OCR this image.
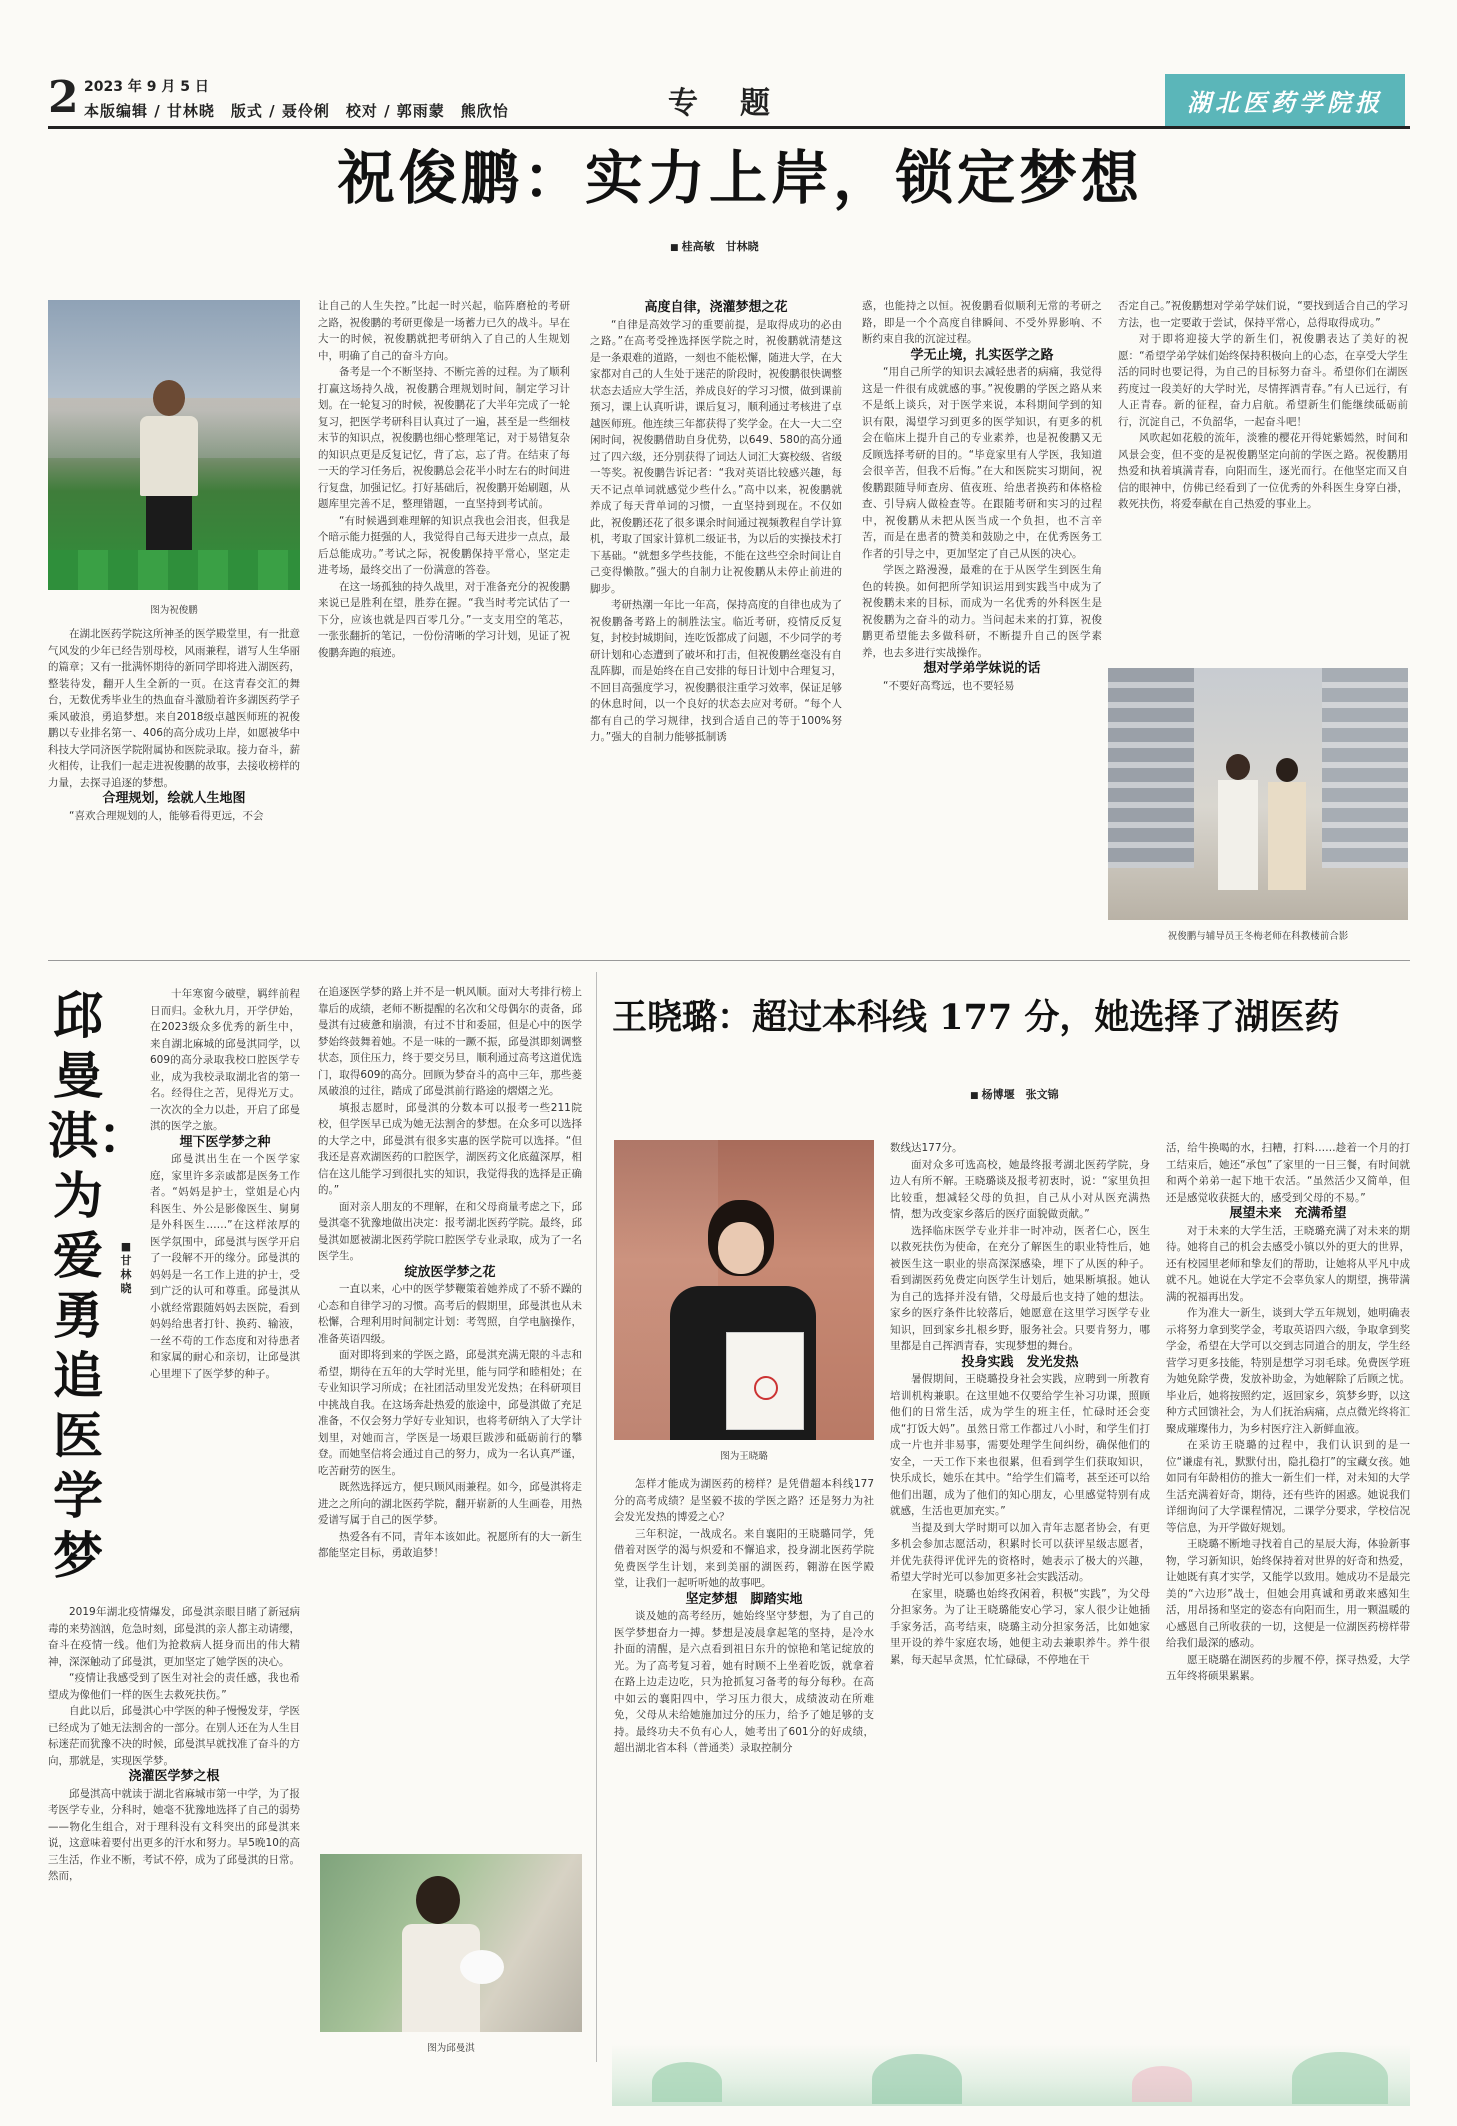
2 2023 年 9 月 5 日
本版编辑 / 甘林晓　版式 / 聂伶俐　校对 / 郭雨蒙　熊欣怡	专　题	湖北医药学院报
祝俊鹏：实力上岸，锁定梦想
■ 桂高敏　甘林晓
图为祝俊鹏

在湖北医药学院这所神圣的医学殿堂里，有一批意气风发的少年已经告别母校，风雨兼程，谱写人生华丽的篇章；又有一批满怀期待的新同学即将进入湖医药，整装待发，翻开人生全新的一页。在这青春交汇的舞台，无数优秀毕业生的热血奋斗激励着许多湖医药学子乘风破浪，勇追梦想。来自2018级卓越医师班的祝俊鹏以专业排名第一、406的高分成功上岸，如愿被华中科技大学同济医学院附属协和医院录取。接力奋斗，薪火相传，让我们一起走进祝俊鹏的故事，去接收榜样的力量，去探寻追逐的梦想。

合理规划，绘就人生地图

“喜欢合理规划的人，能够看得更远，不会

让自己的人生失控。”比起一时兴起，临阵磨枪的考研之路，祝俊鹏的考研更像是一场蓄力已久的战斗。早在大一的时候，祝俊鹏就把考研纳入了自己的人生规划中，明确了自己的奋斗方向。

备考是一个不断坚持、不断完善的过程。为了顺利打赢这场持久战，祝俊鹏合理规划时间，制定学习计划。在一轮复习的时候，祝俊鹏花了大半年完成了一轮复习，把医学考研科目认真过了一遍，甚至是一些细枝末节的知识点，祝俊鹏也细心整理笔记，对于易错复杂的知识点更是反复记忆，背了忘，忘了背。在结束了每一天的学习任务后，祝俊鹏总会花半小时左右的时间进行复盘，加强记忆。打好基础后，祝俊鹏开始刷题，从题库里完善不足，整理错题，一直坚持到考试前。

“有时候遇到难理解的知识点我也会泪丧，但我是个暗示能力挺强的人，我觉得自己每天进步一点点，最后总能成功。”考试之际，祝俊鹏保持平常心，坚定走进考场，最终交出了一份满意的答卷。

在这一场孤独的持久战里，对于准备充分的祝俊鹏来说已是胜利在望，胜券在握。“我当时考完试估了一下分，应该也就是四百零几分。”一支支用空的笔芯，一张张翻折的笔记，一份份清晰的学习计划，见证了祝俊鹏奔跑的痕迹。

高度自律，浇灌梦想之花

“自律是高效学习的重要前提，是取得成功的必由之路。”在高考受挫选择医学院之时，祝俊鹏就清楚这是一条艰难的道路，一刻也不能松懈，随进大学，在大家都对自己的人生处于迷茫的阶段时，祝俊鹏很快调整状态去适应大学生活，养成良好的学习习惯，做到课前预习，课上认真听讲，课后复习，顺利通过考核进了卓越医师班。他连续三年都获得了奖学金。在大一大二空闲时间，祝俊鹏借助自身优势，以649、580的高分通过了四六级，还分别获得了词达人词汇大赛校级、省级一等奖。祝俊鹏告诉记者：“我对英语比较感兴趣，每天不记点单词就感觉少些什么。”高中以来，祝俊鹏就养成了每天背单词的习惯，一直坚持到现在。不仅如此，祝俊鹏还花了很多课余时间通过视频教程自学计算机，考取了国家计算机二级证书，为以后的实操技术打下基础。“就想多学些技能，不能在这些空余时间让自己变得懒散。”强大的自制力让祝俊鹏从未停止前进的脚步。

考研热潮一年比一年高，保持高度的自律也成为了祝俊鹏备考路上的制胜法宝。临近考研，疫情反反复复，封校封城期间，连吃饭都成了问题，不少同学的考研计划和心态遭到了破坏和打击，但祝俊鹏丝毫没有自乱阵脚，而是始终在自己安排的每日计划中合理复习，不回目高强度学习，祝俊鹏很注重学习效率，保证足够的休息时间，以一个良好的状态去应对考研。“每个人都有自己的学习规律，找到合适自己的等于100%努力。”强大的自制力能够抵制诱

惑，也能持之以恒。祝俊鹏看似顺利无常的考研之路，即是一个个高度自律瞬间、不受外界影响、不断约束自我的沉淀过程。

学无止境，扎实医学之路

“用自己所学的知识去减轻患者的病痛，我觉得这是一件很有成就感的事。”祝俊鹏的学医之路从来不是纸上谈兵，对于医学来说，本科期间学到的知识有限，渴望学习到更多的医学知识，有更多的机会在临床上提升自己的专业素养，也是祝俊鹏又无反顾选择考研的目的。“毕竟家里有人学医，我知道会很辛苦，但我不后悔。”在大和医院实习期间，祝俊鹏跟随导师查房、值夜班、给患者换药和体格检查、引导病人做检查等。在跟随考研和实习的过程中，祝俊鹏从未把从医当成一个负担，也不言辛苦，而是在患者的赞美和鼓励之中，在优秀医务工作者的引导之中，更加坚定了自己从医的决心。

学医之路漫漫，最难的在于从医学生到医生角色的转换。如何把所学知识运用到实践当中成为了祝俊鹏未来的目标，而成为一名优秀的外科医生是祝俊鹏为之奋斗的动力。当问起未来的打算，祝俊鹏更希望能去多做科研，不断提升自己的医学素养，也去多进行实战操作。

想对学弟学妹说的话

“不要好高骛远，也不要轻易

否定自己。”祝俊鹏想对学弟学妹们说，“要找到适合自己的学习方法，也一定要敢于尝试，保持平常心，总得取得成功。”

对于即将迎接大学的新生们，祝俊鹏表达了美好的祝愿：“希望学弟学妹们始终保持积极向上的心态，在享受大学生活的同时也要记得，为自己的目标努力奋斗。希望你们在湖医药度过一段美好的大学时光，尽情挥洒青春。”有人已远行，有人正青春。新的征程，奋力启航。希望新生们能继续砥砺前行，沉淀自己，不负韶华，一起奋斗吧！

风吹起如花般的流年，淡雅的樱花开得姹紫嫣然，时间和风景会变，但不变的是祝俊鹏坚定向前的学医之路。祝俊鹏用热爱和执着填满青春，向阳而生，逐光而行。在他坚定而又自信的眼神中，仿佛已经看到了一位优秀的外科医生身穿白褂，救死扶伤，将爱奉献在自己热爱的事业上。

祝俊鹏与辅导员王冬梅老师在科教楼前合影
邱曼淇：为爱勇追医学梦
■
甘林晓

十年寒窗今破壁，羁绊前程日而归。金秋九月，开学伊始，在2023级众多优秀的新生中，来自湖北麻城的邱曼淇同学，以609的高分录取我校口腔医学专业，成为我校录取湖北省的第一名。经得住之苦，见得光万丈。一次次的全力以赴，开启了邱曼淇的医学之旅。

埋下医学梦之种

邱曼淇出生在一个医学家庭，家里许多亲戚都是医务工作者。“妈妈是护士，堂姐是心内科医生、外公是影像医生、舅舅是外科医生……”在这样浓厚的医学氛围中，邱曼淇与医学开启了一段解不开的缘分。邱曼淇的妈妈是一名工作上进的护士，受到广泛的认可和尊重。邱曼淇从小就经常跟随妈妈去医院，看到妈妈给患者打针、换药、输液，一丝不苟的工作态度和对待患者和家属的耐心和亲切，让邱曼淇心里埋下了医学梦的种子。

2019年湖北疫情爆发，邱曼淇亲眼目睹了新冠病毒的来势汹汹，危急时刻，邱曼淇的亲人都主动请缨，奋斗在疫情一线。他们为抢救病人挺身而出的伟大精神，深深触动了邱曼淇，更加坚定了她学医的决心。

“疫情让我感受到了医生对社会的责任感，我也希望成为像他们一样的医生去救死扶伤。”

自此以后，邱曼淇心中学医的种子慢慢发芽，学医已经成为了她无法割舍的一部分。在别人还在为人生目标迷茫而犹豫不决的时候，邱曼淇早就找准了奋斗的方向，那就是，实现医学梦。

浇灌医学梦之根

邱曼淇高中就读于湖北省麻城市第一中学，为了报考医学专业，分科时，她毫不犹豫地选择了自己的弱势——物化生组合，对于理科没有文科突出的邱曼淇来说，这意味着要付出更多的汗水和努力。早5晚10的高三生活，作业不断，考试不停，成为了邱曼淇的日常。然而，

在追逐医学梦的路上并不是一帆风顺。面对大考排行榜上靠后的成绩，老师不断提醒的名次和父母偶尔的责备，邱曼淇有过疲惫和崩溃，有过不甘和委屈，但是心中的医学梦始终鼓舞着她。不是一味的一蹶不振，邱曼淇即刻调整状态，顶住压力，终于要交另旦，顺利通过高考这道优选门，取得609的高分。回顾为梦奋斗的高中三年，那些菱凤破浪的过往，踏成了邱曼淇前行路途的熠熠之光。

填报志愿时，邱曼淇的分数本可以报考一些211院校，但学医早已成为她无法割舍的梦想。在众多可以选择的大学之中，邱曼淇有很多实惠的医学院可以选择。“但我还是喜欢湖医药的口腔医学，湖医药文化底蕴深厚，相信在这儿能学习到很扎实的知识，我觉得我的选择是正确的。”

面对亲人朋友的不理解，在和父母商量考虑之下，邱曼淇毫不犹豫地做出决定：报考湖北医药学院。最终，邱曼淇如愿被湖北医药学院口腔医学专业录取，成为了一名医学生。

绽放医学梦之花

一直以来，心中的医学梦鞭策着她养成了不骄不躁的心态和自律学习的习惯。高考后的假期里，邱曼淇也从未松懈，合理利用时间制定计划：考驾照，自学电脑操作，准备英语四级。

面对即将到来的学医之路，邱曼淇充满无限的斗志和希望，期待在五年的大学时光里，能与同学和睦相处；在专业知识学习所成；在社团活动里发光发热；在科研项目中挑战自我。在这场奔赴热爱的旅途中，邱曼淇做了充足准备，不仅会努力学好专业知识，也将考研纳入了大学计划里，对她而言，学医是一场艰巨跋涉和砥砺前行的攀登。而她坚信将会通过自己的努力，成为一名认真严谨，吃苦耐劳的医生。

既然选择远方，便只顾风雨兼程。如今，邱曼淇将走进之之所向的湖北医药学院，翻开崭新的人生画卷，用热爱谱写属于自己的医学梦。

热爱各有不同，青年本该如此。祝愿所有的大一新生都能坚定目标，勇敢追梦！

图为邱曼淇
王晓璐：超过本科线 177 分，她选择了湖医药
■ 杨博堰　张文锦
图为王晓璐

怎样才能成为湖医药的榜样？是凭借超本科线177分的高考成绩？是坚毅不拔的学医之路？还是努力为社会发光发热的博爱之心？

三年积淀，一战成名。来自襄阳的王晓璐同学，凭借着对医学的渴与炽爱和不懈追求，投身湖北医药学院免费医学生计划，来到美丽的湖医药，翱游在医学殿堂，让我们一起听听她的故事吧。

坚定梦想　脚踏实地

谈及她的高考经历，她始终坚守梦想，为了自己的医学梦想奋力一搏。梦想是凌晨拿起笔的坚持，是冷水扑面的清醒，是六点看到祖日东升的惊艳和笔记绽放的光。为了高考复习着，她有时顾不上坐着吃饭，就拿着在路上边走边吃，只为抢抓复习备考的每分每秒。在高中如云的襄阳四中，学习压力很大，成绩波动在所难免，父母从未给她施加过分的压力，给予了她足够的支持。最终功夫不负有心人，她考出了601分的好成绩，超出湖北省本科（普通类）录取控制分

数线达177分。

面对众多可选高校，她最终报考湖北医药学院，身边人有所不解。王晓璐谈及报考初衷时，说：“家里负担比较重，想减轻父母的负担，自己从小对从医充满热情，想为改变家乡落后的医疗面貌做贡献。”

选择临床医学专业并非一时冲动，医者仁心，医生以救死扶伤为使命，在充分了解医生的职业特性后，她被医生这一职业的崇高深深感染，埋下了从医的种子。看到湖医药免费定向医学生计划后，她果断填报。她认为自己的选择并没有错，父母最后也支持了她的想法。家乡的医疗条件比较落后，她愿意在这里学习医学专业知识，回到家乡扎根乡野，服务社会。只要肯努力，哪里都是自己挥洒青春，实现梦想的舞台。

投身实践　发光发热

暑假期间，王晓璐投身社会实践，应聘到一所教育培训机构兼职。在这里她不仅要给学生补习功课，照顾他们的日常生活，成为学生的班主任，忙碌时还会变成“打饭大妈”。虽然日常工作都过八小时，和学生们打成一片也并非易事，需要处理学生间纠纷，确保他们的安全，一天工作下来也很累，但看到学生们获取知识，快乐成长，她乐在其中。“给学生们篇考，甚至还可以给他们出题，成为了他们的知心朋友，心里感觉特别有成就感，生活也更加充实。”

当提及到大学时期可以加入青年志愿者协会，有更多机会参加志愿活动，积累时长可以获评星级志愿者，并优先获得评优评先的资格时，她表示了极大的兴趣，希望大学时光可以参加更多社会实践活动。

在家里，晓璐也始终孜闲着，积极“实践”，为父母分担家务。为了让王晓璐能安心学习，家人很少让她插手家务活，高考结束，晓璐主动分担家务活，比如她家里开设的养牛家庭农场，她便主动去兼职养牛。养牛很累，每天起早贪黑，忙忙碌碌，不停地在干

活，给牛换喝的水，扫糟，打料……趁着一个月的打工结束后，她还“承包”了家里的一日三餐，有时间就和两个弟弟一起下地干农活。“虽然活少又简单，但还是感觉收获挺大的，感受到父母的不易。”

展望未来　充满希望

对于未来的大学生活，王晓璐充满了对未来的期待。她将自己的机会去感受小镇以外的更大的世界，还有校园里老师和挚友们的帮助，让她将从平凡中成就不凡。她说在大学定不会辜负家人的期望，携带满满的祝福再出发。

作为准大一新生，谈到大学五年规划，她明确表示将努力拿到奖学金，考取英语四六级，争取拿到奖学金，希望在大学可以交到志同道合的朋友，学生经营学习更多技能，特别是想学习羽毛球。免费医学班为她免除学费，发放补助金，为她解除了后顾之忧。毕业后，她将按照约定，返回家乡，筑梦乡野，以这种方式回馈社会，为人们抚治病痛，点点微光终将汇聚成璀璨伟力，为乡村医疗注入新鲜血液。

在采访王晓璐的过程中，我们认识到的是一位“谦虚有礼，默默付出，隐扎稳打”的宝藏女孩。她如同有年龄相仿的推大一新生们一样，对未知的大学生活充满着好奇，期待，还有些许的困惑。她说我们详细询问了大学课程情况，二课学分要求，学校信况等信息，为开学做好规划。

王晓璐不断地寻找着自己的星辰大海，体验新事物，学习新知识，始终保持着对世界的好奇和热爱，让她既有真才实学，又能学以致用。她成功不是最完美的“六边形”战士，但她会用真诚和勇敢来感知生活，用昂扬和坚定的姿态有向阳而生，用一颗温暖的心感恩自己所收获的一切，这便是一位湖医药榜样带给我们最深的感动。

愿王晓璐在湖医药的步履不停，探寻热爱，大学五年终将硕果累累。
